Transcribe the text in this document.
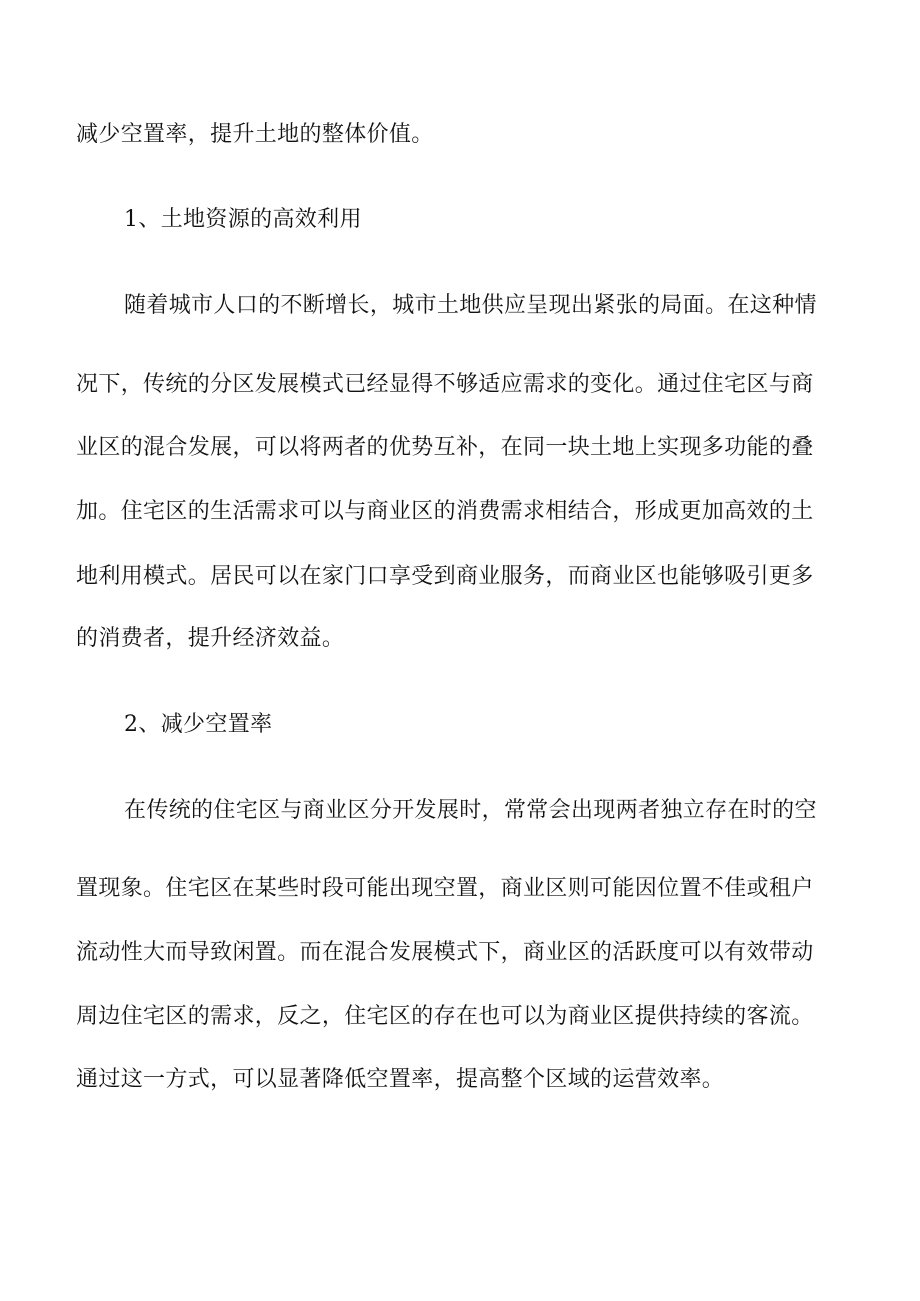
减少空置率，提升土地的整体价值。
1、土地资源的高效利用
随着城市人口的不断增长，城市土地供应呈现出紧张的局面。在这种情
况下，传统的分区发展模式已经显得不够适应需求的变化。通过住宅区与商
业区的混合发展，可以将两者的优势互补，在同一块土地上实现多功能的叠
加。住宅区的生活需求可以与商业区的消费需求相结合，形成更加高效的土
地利用模式。居民可以在家门口享受到商业服务，而商业区也能够吸引更多
的消费者，提升经济效益。
2、减少空置率
在传统的住宅区与商业区分开发展时，常常会出现两者独立存在时的空
置现象。住宅区在某些时段可能出现空置，商业区则可能因位置不佳或租户
流动性大而导致闲置。而在混合发展模式下，商业区的活跃度可以有效带动
周边住宅区的需求，反之，住宅区的存在也可以为商业区提供持续的客流。
通过这一方式，可以显著降低空置率，提高整个区域的运营效率。
